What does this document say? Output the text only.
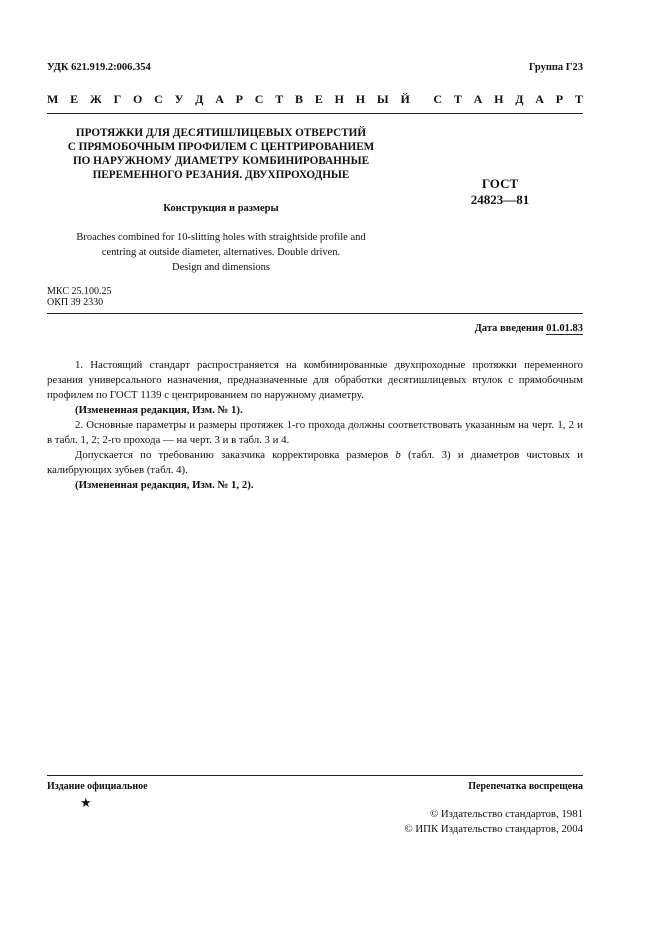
УДК 621.919.2:006.354	Группа Г23
М Е Ж Г О С У Д А Р С Т В Е Н Н Ы Й С Т А Н Д А Р Т
ПРОТЯЖКИ ДЛЯ ДЕСЯТИШЛИЦЕВЫХ ОТВЕРСТИЙ
С ПРЯМОБОЧНЫМ ПРОФИЛЕМ С ЦЕНТРИРОВАНИЕМ
ПО НАРУЖНОМУ ДИАМЕТРУ КОМБИНИРОВАННЫЕ
ПЕРЕМЕННОГО РЕЗАНИЯ. ДВУХПРОХОДНЫЕ
Конструкция и размеры
Broaches combined for 10-slitting holes with straightside profile and
centring at outside diameter, alternatives. Double driven.
Design and dimensions
ГОСТ
24823—81
МКС 25.100.25
ОКП 39 2330
Дата введения 01.01.83

1. Настоящий стандарт распространяется на комбинированные двухпроходные протяжки переменного резания универсального назначения, предназначенные для обработки десятишлицевых втулок с прямобочным профилем по ГОСТ 1139 с центрированием по наружному диаметру.

(Измененная редакция, Изм. № 1).

2. Основные параметры и размеры протяжек 1-го прохода должны соответствовать указанным на черт. 1, 2 и в табл. 1, 2; 2-го прохода — на черт. 3 и в табл. 3 и 4.

Допускается по требованию заказчика корректировка размеров b (табл. 3) и диаметров чистовых и калибрующих зубьев (табл. 4).

(Измененная редакция, Изм. № 1, 2).

Издание официальное	Перепечатка воспрещена
★
© Издательство стандартов, 1981
© ИПК Издательство стандартов, 2004
